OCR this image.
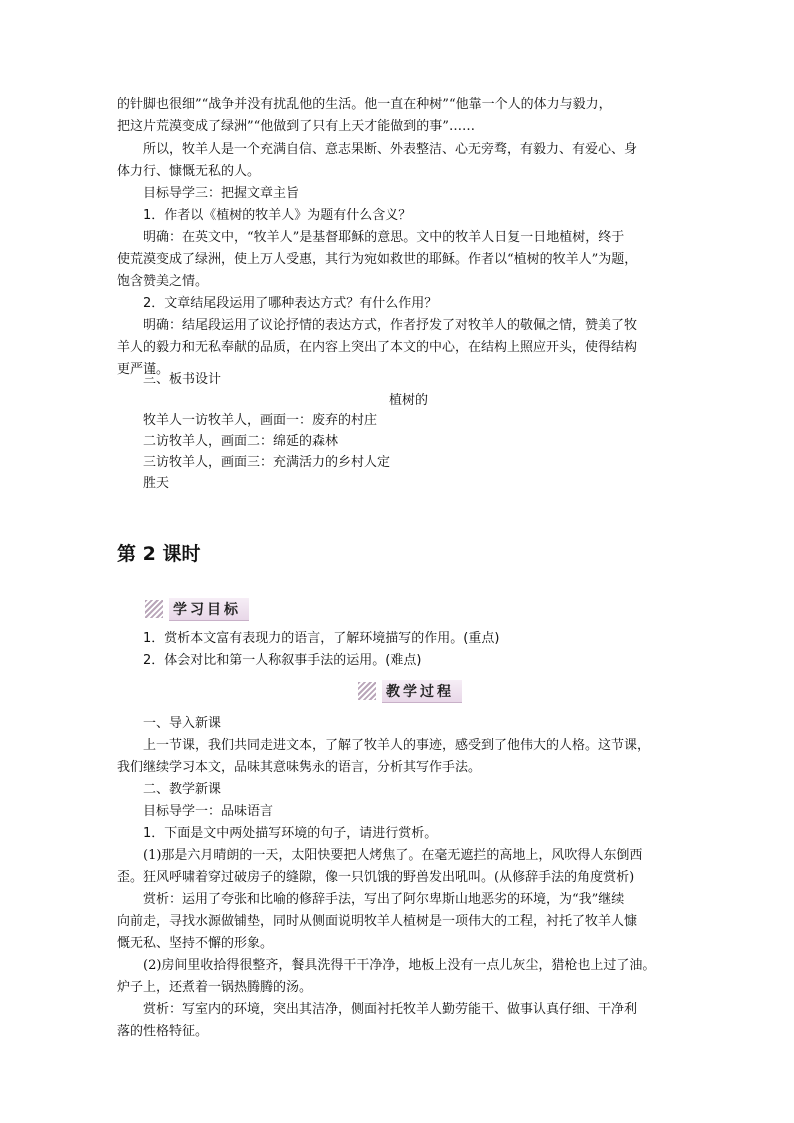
的针脚也很细”“战争并没有扰乱他的生活。他一直在种树”“他靠一个人的体力与毅力，
把这片荒漠变成了绿洲”“他做到了只有上天才能做到的事”……
所以，牧羊人是一个充满自信、意志果断、外表整洁、心无旁骛，有毅力、有爱心、身
体力行、慷慨无私的人。
目标导学三：把握文章主旨
1．作者以《植树的牧羊人》为题有什么含义？
明确：在英文中，“牧羊人”是基督耶稣的意思。文中的牧羊人日复一日地植树，终于
使荒漠变成了绿洲，使上万人受惠，其行为宛如救世的耶稣。作者以“植树的牧羊人”为题，
饱含赞美之情。
2．文章结尾段运用了哪种表达方式？有什么作用？
明确：结尾段运用了议论抒情的表达方式，作者抒发了对牧羊人的敬佩之情，赞美了牧
羊人的毅力和无私奉献的品质，在内容上突出了本文的中心，在结构上照应开头，使得结构
更严谨。
三、板书设计
植树的
牧羊人一访牧羊人，画面一：废弃的村庄
二访牧羊人，画面二：绵延的森林
三访牧羊人，画面三：充满活力的乡村人定
胜天
第 2 课时
学习目标
1．赏析本文富有表现力的语言，了解环境描写的作用。(重点)
2．体会对比和第一人称叙事手法的运用。(难点)
教学过程
一、导入新课
上一节课，我们共同走进文本，了解了牧羊人的事迹，感受到了他伟大的人格。这节课，
我们继续学习本文，品味其意味隽永的语言，分析其写作手法。
二、教学新课
目标导学一：品味语言
1．下面是文中两处描写环境的句子，请进行赏析。
(1)那是六月晴朗的一天，太阳快要把人烤焦了。在毫无遮拦的高地上，风吹得人东倒西
歪。狂风呼啸着穿过破房子的缝隙，像一只饥饿的野兽发出吼叫。(从修辞手法的角度赏析)
赏析：运用了夸张和比喻的修辞手法，写出了阿尔卑斯山地恶劣的环境，为“我”继续
向前走，寻找水源做铺垫，同时从侧面说明牧羊人植树是一项伟大的工程，衬托了牧羊人慷
慨无私、坚持不懈的形象。
(2)房间里收拾得很整齐，餐具洗得干干净净，地板上没有一点儿灰尘，猎枪也上过了油。
炉子上，还煮着一锅热腾腾的汤。
赏析：写室内的环境，突出其洁净，侧面衬托牧羊人勤劳能干、做事认真仔细、干净利
落的性格特征。
